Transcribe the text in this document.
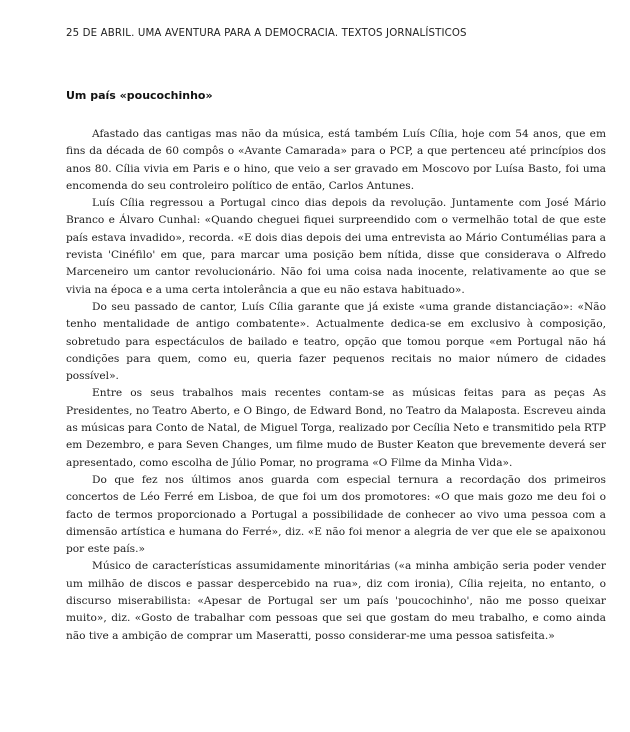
25 DE ABRIL. UMA AVENTURA PARA A DEMOCRACIA. TEXTOS JORNALÍSTICOS
Um país «poucochinho»

Afastado das cantigas mas não da música, está também Luís Cília, hoje com 54 anos, que em fins da década de 60 compôs o «Avante Camarada» para o PCP, a que pertenceu até princípios dos anos 80. Cília vivia em Paris e o hino, que veio a ser gravado em Moscovo por Luísa Basto, foi uma encomenda do seu controleiro político de então, Carlos Antunes.

Luís Cília regressou a Portugal cinco dias depois da revolução. Juntamente com José Mário Branco e Álvaro Cunhal: «Quando cheguei fiquei surpreendido com o vermelhão total de que este país estava invadido», recorda. «E dois dias depois dei uma entrevista ao Mário Contumélias para a revista 'Cinéfilo' em que, para marcar uma posição bem nítida, disse que considerava o Alfredo Marceneiro um cantor revolucionário. Não foi uma coisa nada inocente, relativamente ao que se vivia na época e a uma certa intolerância a que eu não estava habituado».

Do seu passado de cantor, Luís Cília garante que já existe «uma grande distanciação»: «Não tenho mentalidade de antigo combatente». Actualmente dedica-se em exclusivo à composição, sobretudo para espectáculos de bailado e teatro, opção que tomou porque «em Portugal não há condições para quem, como eu, queria fazer pequenos recitais no maior número de cidades possível».

Entre os seus trabalhos mais recentes contam-se as músicas feitas para as peças As Presidentes, no Teatro Aberto, e O Bingo, de Edward Bond, no Teatro da Malaposta. Escreveu ainda as músicas para Conto de Natal, de Miguel Torga, realizado por Cecília Neto e transmitido pela RTP em Dezembro, e para Seven Changes, um filme mudo de Buster Keaton que brevemente deverá ser apresentado, como escolha de Júlio Pomar, no programa «O Filme da Minha Vida».

Do que fez nos últimos anos guarda com especial ternura a recordação dos primeiros concertos de Léo Ferré em Lisboa, de que foi um dos promotores: «O que mais gozo me deu foi o facto de termos proporcionado a Portugal a possibilidade de conhecer ao vivo uma pessoa com a dimensão artística e humana do Ferré», diz. «E não foi menor a alegria de ver que ele se apaixonou por este país.»

Músico de características assumidamente minoritárias («a minha ambição seria poder vender um milhão de discos e passar despercebido na rua», diz com ironia), Cília rejeita, no entanto, o discurso miserabilista: «Apesar de Portugal ser um país 'poucochinho', não me posso queixar muito», diz. «Gosto de trabalhar com pessoas que sei que gostam do meu trabalho, e como ainda não tive a ambição de comprar um Maseratti, posso considerar-me uma pessoa satisfeita.»
